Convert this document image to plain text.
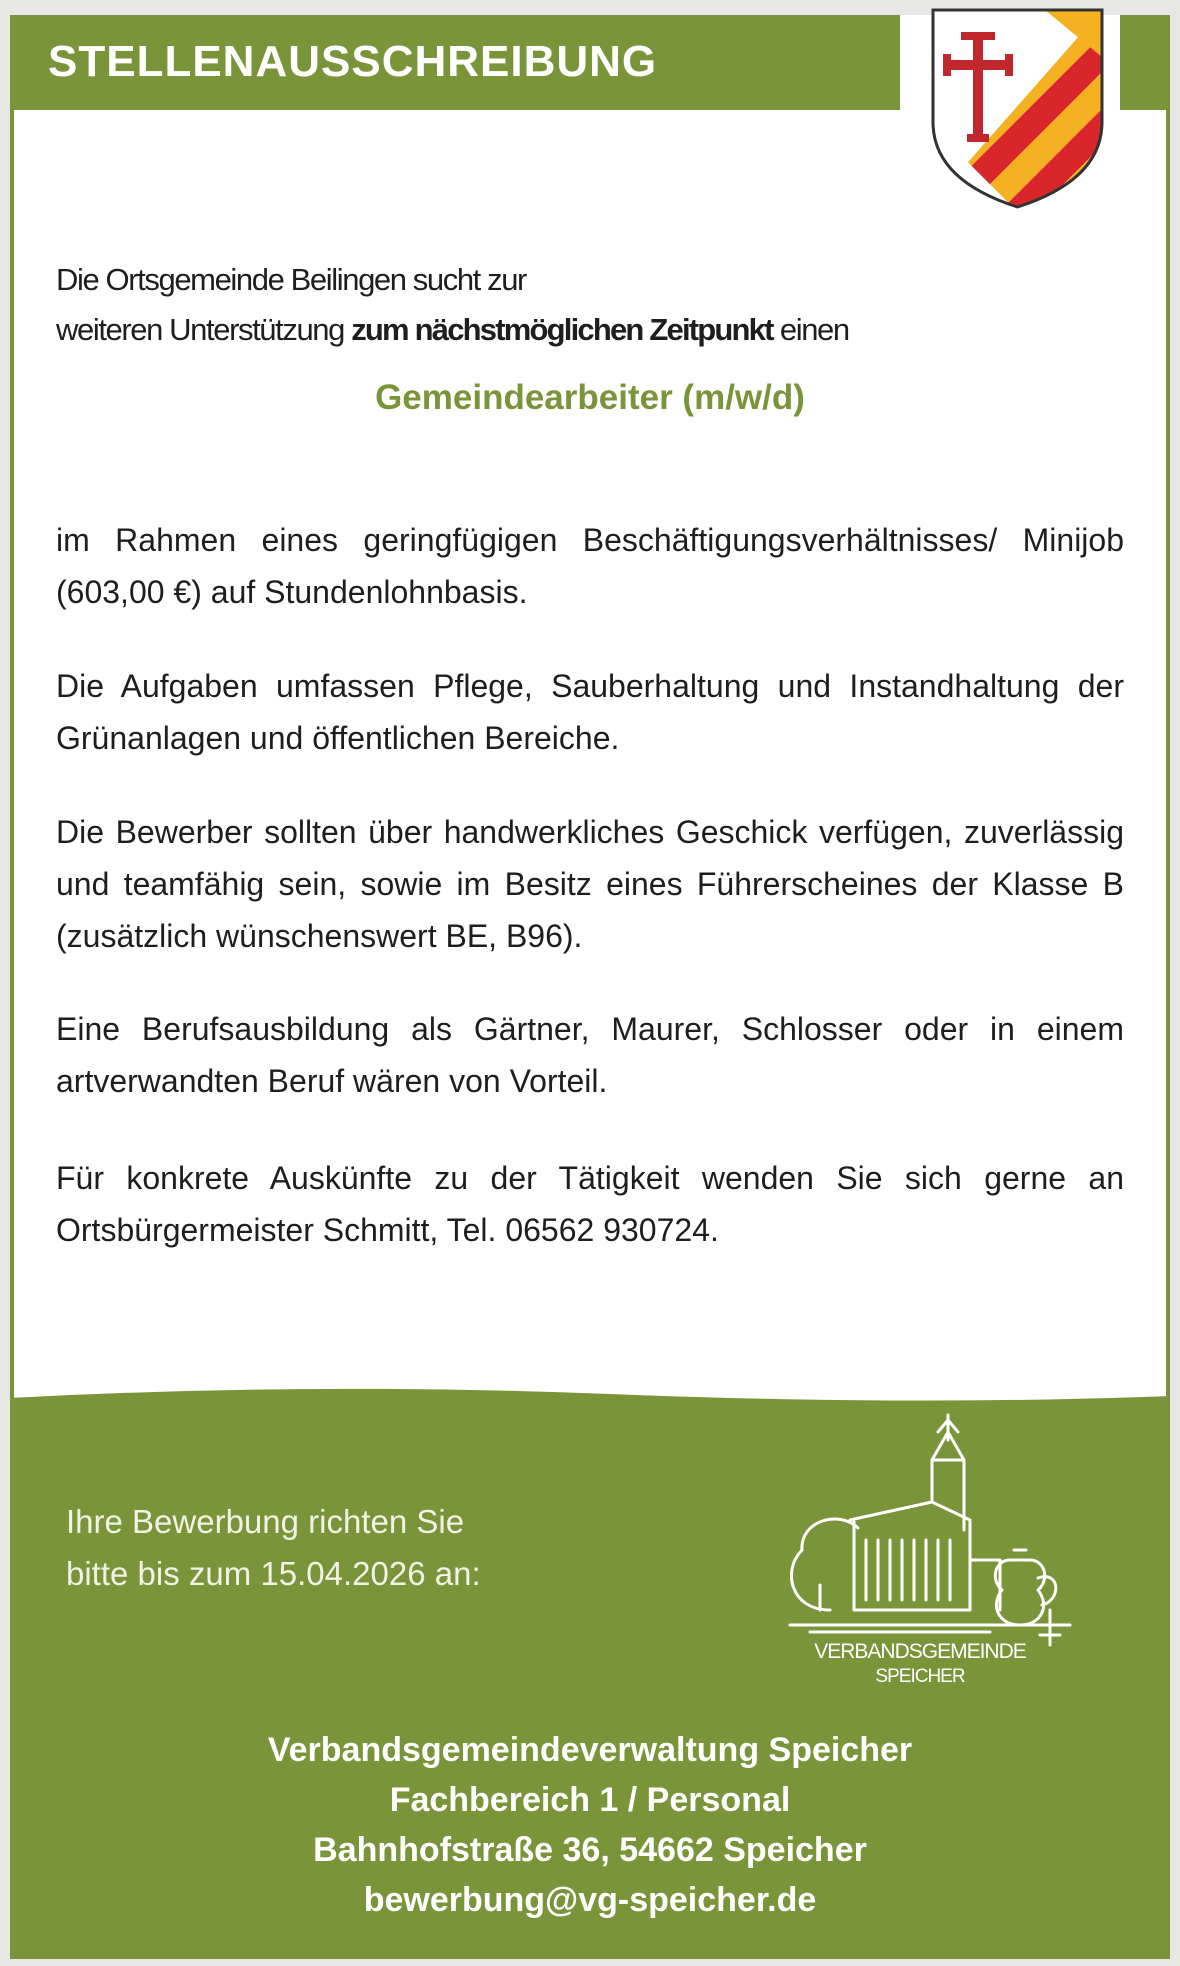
STELLENAUSSCHREIBUNG
Die Ortsgemeinde Beilingen sucht zur
weiteren Unterstützung zum nächstmöglichen Zeitpunkt einen
Gemeindearbeiter (m/w/d)
im Rahmen eines geringfügigen Beschäftigungsverhältnisses/ Minijob (603,00 €) auf Stundenlohnbasis.
Die Aufgaben umfassen Pflege, Sauberhaltung und Instandhaltung der Grünanlagen und öffentlichen Bereiche.
Die Bewerber sollten über handwerkliches Geschick verfügen, zuverlässig und teamfähig sein, sowie im Besitz eines Führerscheines der Klasse B (zusätzlich wünschenswert BE, B96).
Eine Berufsausbildung als Gärtner, Maurer, Schlosser oder in einem artverwandten Beruf wären von Vorteil.
Für konkrete Auskünfte zu der Tätigkeit wenden Sie sich gerne an Ortsbürgermeister Schmitt, Tel. 06562 930724.
Ihre Bewerbung richten Sie
bitte bis zum 15.04.2026 an:
VERBANDSGEMEINDE
SPEICHER
Verbandsgemeindeverwaltung Speicher
Fachbereich 1 / Personal
Bahnhofstraße 36, 54662 Speicher
bewerbung@vg-speicher.de
